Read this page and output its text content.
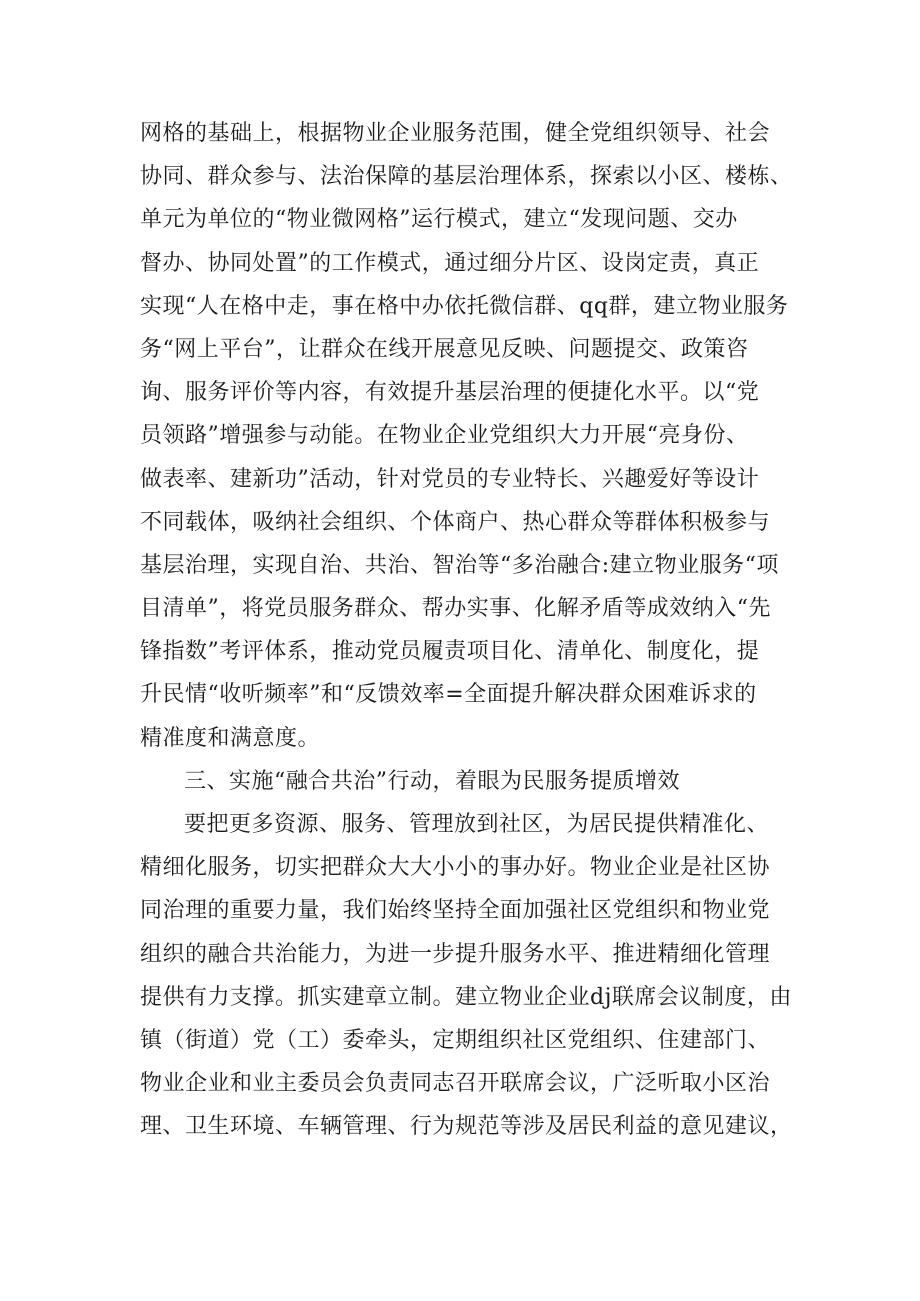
网格的基础上，根据物业企业服务范围，健全党组织领导、社会
协同、群众参与、法治保障的基层治理体系，探索以小区、楼栋、
单元为单位的“物业微网格”运行模式，建立“发现问题、交办
督办、协同处置”的工作模式，通过细分片区、设岗定责，真正
实现“人在格中走，事在格中办依托微信群、qq群，建立物业服务
务“网上平台”，让群众在线开展意见反映、问题提交、政策咨
询、服务评价等内容，有效提升基层治理的便捷化水平。以“党
员领路”增强参与动能。在物业企业党组织大力开展“亮身份、
做表率、建新功”活动，针对党员的专业特长、兴趣爱好等设计
不同载体，吸纳社会组织、个体商户、热心群众等群体积极参与
基层治理，实现自治、共治、智治等“多治融合:建立物业服务“项
目清单”，将党员服务群众、帮办实事、化解矛盾等成效纳入“先
锋指数”考评体系，推动党员履责项目化、清单化、制度化，提
升民情“收听频率”和“反馈效率=全面提升解决群众困难诉求的
精准度和满意度。
三、实施“融合共治”行动，着眼为民服务提质增效
要把更多资源、服务、管理放到社区，为居民提供精准化、
精细化服务，切实把群众大大小小的事办好。物业企业是社区协
同治理的重要力量，我们始终坚持全面加强社区党组织和物业党
组织的融合共治能力，为进一步提升服务水平、推进精细化管理
提供有力支撑。抓实建章立制。建立物业企业dj联席会议制度，由
镇（街道）党（工）委牵头，定期组织社区党组织、住建部门、
物业企业和业主委员会负责同志召开联席会议，广泛听取小区治
理、卫生环境、车辆管理、行为规范等涉及居民利益的意见建议，
